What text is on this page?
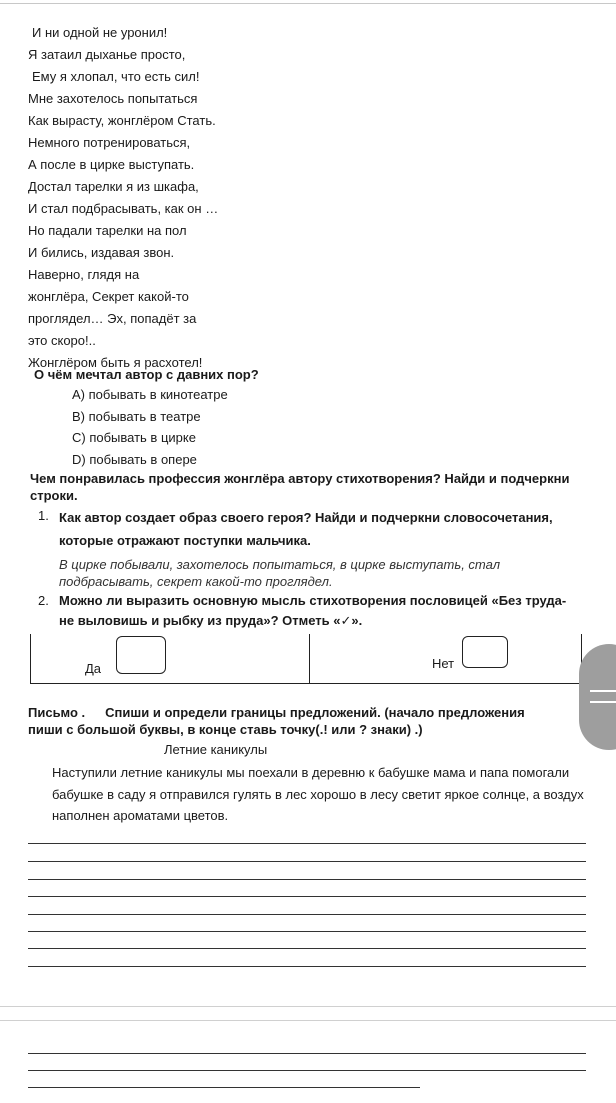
И ни одной не уронил!
Я затаил дыханье просто,
Ему я хлопал, что есть сил!
Мне захотелось попытаться
Как вырасту, жонглёром Стать.
Немного потренироваться,
А после в цирке выступать.
Достал тарелки я из шкафа,
И стал подбрасывать, как он …
Но падали тарелки на пол
И бились, издавая звон.
Наверно, глядя на
жонглёра, Секрет какой-то
проглядел… Эх, попадёт за
это скоро!..
Жонглёром быть я расхотел!
О чём мечтал автор с давних пор?
А) побывать в кинотеатре
В) побывать в театре
С) побывать в цирке
D) побывать в опере
Чем понравилась профессия жонглёра автору стихотворения? Найди и подчеркни строки.
1. Как автор создает образ своего героя? Найди и подчеркни словосочетания, которые отражают поступки мальчика.
В цирке побывали, захотелось попытаться, в цирке выступать, стал подбрасывать, секрет какой-то проглядел.
2. Можно ли выразить основную мысль стихотворения пословицей «Без труда-не выловишь и рыбку из пруда»? Отметь «✓».
Да	Нет
Письмо . Спиши и определи границы предложений. (начало предложения
пиши с большой буквы, в конце ставь точку(.! или ? знаки) .)
Летние каникулы
Наступили летние каникулы мы поехали в деревню к бабушке мама и папа помогали бабушке в саду я отправился гулять в лес хорошо в лесу светит яркое солнце, а воздух наполнен ароматами цветов.
